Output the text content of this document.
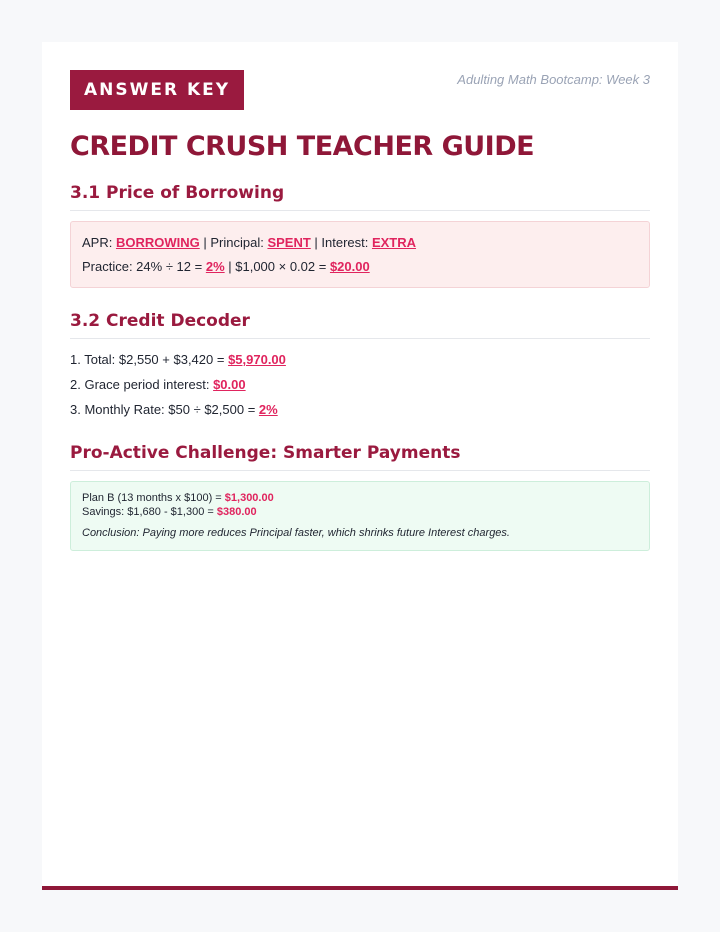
ANSWER KEY
Adulting Math Bootcamp: Week 3
CREDIT CRUSH TEACHER GUIDE
3.1 Price of Borrowing
APR: BORROWING | Principal: SPENT | Interest: EXTRA
Practice: 24% ÷ 12 = 2% | $1,000 × 0.02 = $20.00
3.2 Credit Decoder
1. Total: $2,550 + $3,420 = $5,970.00
2. Grace period interest: $0.00
3. Monthly Rate: $50 ÷ $2,500 = 2%
Pro-Active Challenge: Smarter Payments
Plan B (13 months x $100) = $1,300.00
Savings: $1,680 - $1,300 = $380.00
Conclusion: Paying more reduces Principal faster, which shrinks future Interest charges.
